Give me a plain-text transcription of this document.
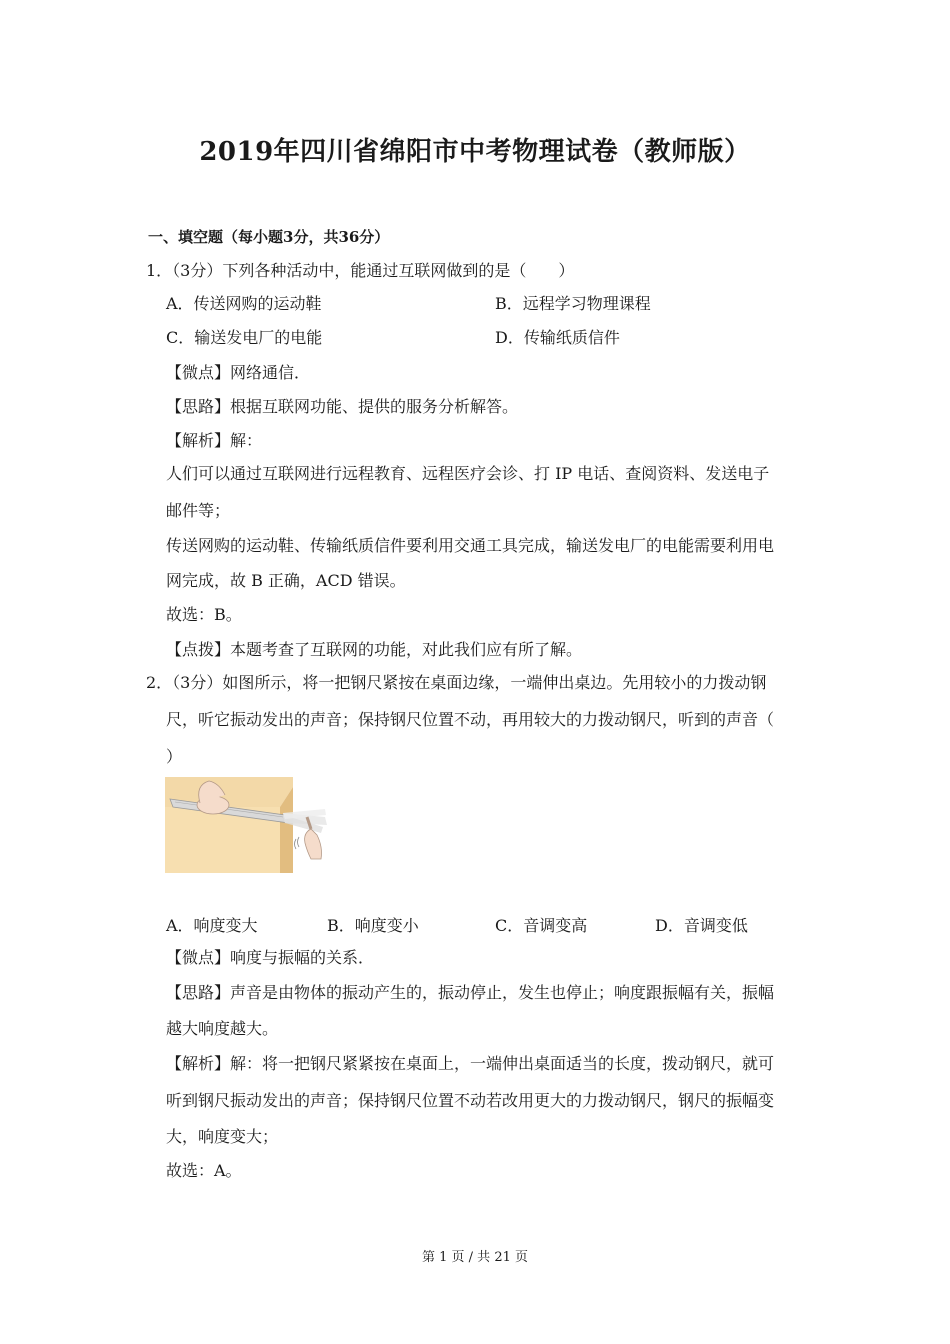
2019年四川省绵阳市中考物理试卷（教师版）
一、填空题（每小题3分，共36分）
1．（3分）下列各种活动中，能通过互联网做到的是（　　）
A．传送网购的运动鞋	B．远程学习物理课程
C．输送发电厂的电能	D．传输纸质信件
【微点】网络通信．
【思路】根据互联网功能、提供的服务分析解答。
【解析】解：
人们可以通过互联网进行远程教育、远程医疗会诊、打 IP 电话、查阅资料、发送电子
邮件等；
传送网购的运动鞋、传输纸质信件要利用交通工具完成，输送发电厂的电能需要利用电
网完成，故 B 正确，ACD 错误。
故选：B。
【点拨】本题考查了互联网的功能，对此我们应有所了解。
2．（3分）如图所示，将一把钢尺紧按在桌面边缘，一端伸出桌边。先用较小的力拨动钢
尺，听它振动发出的声音；保持钢尺位置不动，再用较大的力拨动钢尺，听到的声音（
）
A．响度变大	B．响度变小	C．音调变高	D．音调变低
【微点】响度与振幅的关系．
【思路】声音是由物体的振动产生的，振动停止，发生也停止；响度跟振幅有关，振幅
越大响度越大。
【解析】解：将一把钢尺紧紧按在桌面上，一端伸出桌面适当的长度，拨动钢尺，就可
听到钢尺振动发出的声音；保持钢尺位置不动若改用更大的力拨动钢尺，钢尺的振幅变
大，响度变大；
故选：A。
第 1 页 / 共 21 页
